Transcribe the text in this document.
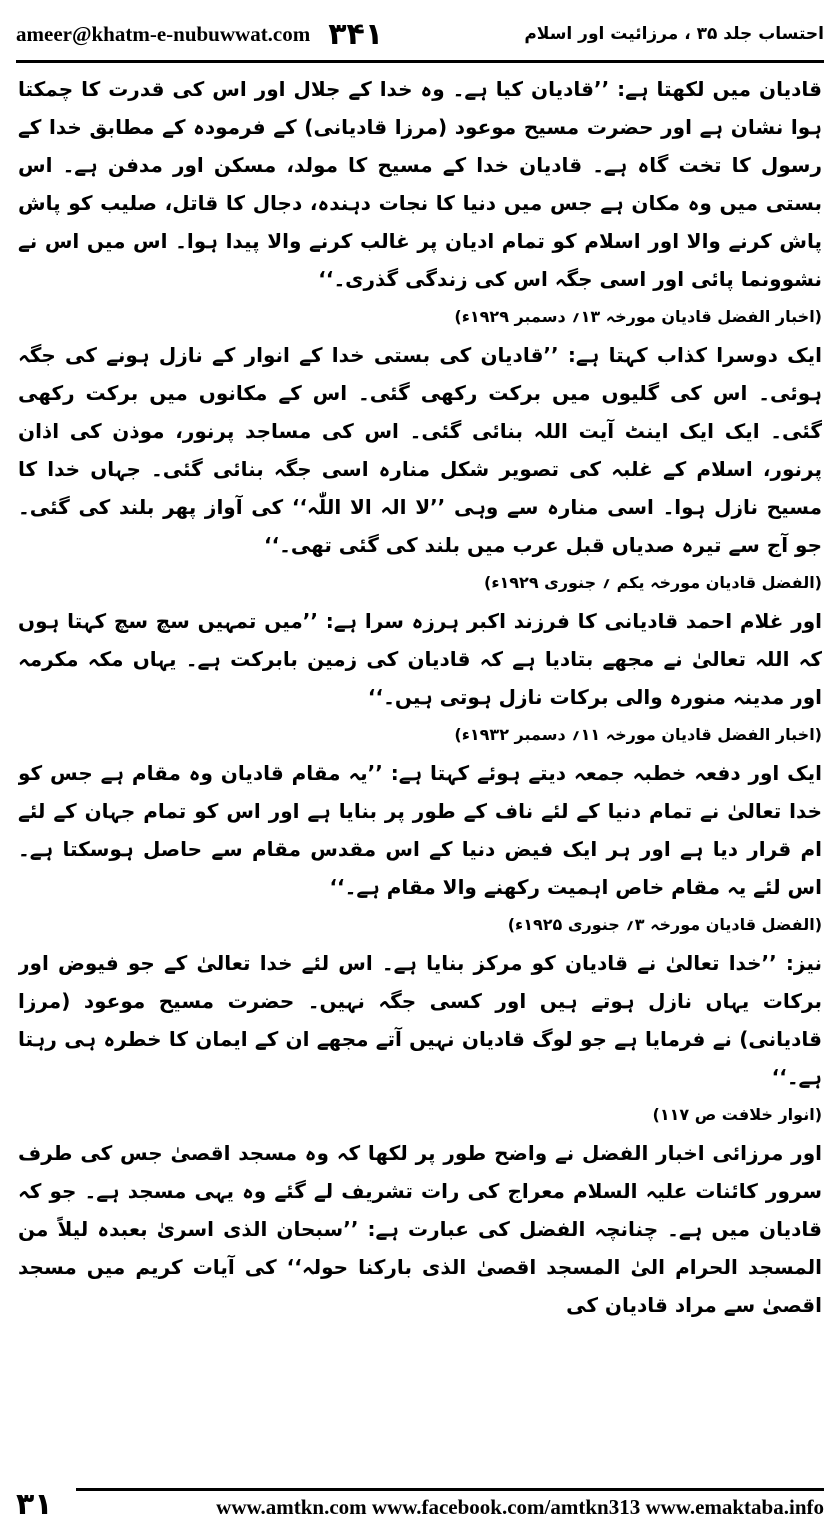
ameer@khatm-e-nubuwwat.com ۳۴۱	احتساب جلد ۳۵ ، مرزائیت اور اسلام

قادیان میں لکھتا ہے: ’’قادیان کیا ہے۔ وہ خدا کے جلال اور اس کی قدرت کا چمکتا ہوا نشان ہے اور حضرت مسیح موعود (مرزا قادیانی) کے فرمودہ کے مطابق خدا کے رسول کا تخت گاہ ہے۔ قادیان خدا کے مسیح کا مولد، مسکن اور مدفن ہے۔ اس بستی میں وہ مکان ہے جس میں دنیا کا نجات دہندہ، دجال کا قاتل، صلیب کو پاش پاش کرنے والا اور اسلام کو تمام ادیان پر غالب کرنے والا پیدا ہوا۔ اس میں اس نے نشوونما پائی اور اسی جگہ اس کی زندگی گذری۔‘‘

(اخبار الفضل قادیان مورخہ ۱۳؍ دسمبر ۱۹۲۹ء)

ایک دوسرا کذاب کہتا ہے: ’’قادیان کی بستی خدا کے انوار کے نازل ہونے کی جگہ ہوئی۔ اس کی گلیوں میں برکت رکھی گئی۔ اس کے مکانوں میں برکت رکھی گئی۔ ایک ایک اینٹ آیت اللہ بنائی گئی۔ اس کی مساجد پرنور، موذن کی اذان پرنور، اسلام کے غلبہ کی تصویر شکل منارہ اسی جگہ بنائی گئی۔ جہاں خدا کا مسیح نازل ہوا۔ اسی منارہ سے وہی ’’لا الہ الا اللّٰہ‘‘ کی آواز پھر بلند کی گئی۔ جو آج سے تیرہ صدیاں قبل عرب میں بلند کی گئی تھی۔‘‘

(الفضل قادیان مورخہ یکم ؍ جنوری ۱۹۲۹ء)

اور غلام احمد قادیانی کا فرزند اکبر ہرزہ سرا ہے: ’’میں تمہیں سچ سچ کہتا ہوں کہ اللہ تعالیٰ نے مجھے بتادیا ہے کہ قادیان کی زمین بابرکت ہے۔ یہاں مکہ مکرمہ اور مدینہ منورہ والی برکات نازل ہوتی ہیں۔‘‘

(اخبار الفضل قادیان مورخہ ۱۱؍ دسمبر ۱۹۳۲ء)

ایک اور دفعہ خطبہ جمعہ دیتے ہوئے کہتا ہے: ’’یہ مقام قادیان وہ مقام ہے جس کو خدا تعالیٰ نے تمام دنیا کے لئے ناف کے طور پر بنایا ہے اور اس کو تمام جہان کے لئے ام قرار دیا ہے اور ہر ایک فیض دنیا کے اس مقدس مقام سے حاصل ہوسکتا ہے۔ اس لئے یہ مقام خاص اہمیت رکھنے والا مقام ہے۔‘‘

(الفضل قادیان مورخہ ۳؍ جنوری ۱۹۲۵ء)

نیز: ’’خدا تعالیٰ نے قادیان کو مرکز بنایا ہے۔ اس لئے خدا تعالیٰ کے جو فیوض اور برکات یہاں نازل ہوتے ہیں اور کسی جگہ نہیں۔ حضرت مسیح موعود (مرزا قادیانی) نے فرمایا ہے جو لوگ قادیان نہیں آتے مجھے ان کے ایمان کا خطرہ ہی رہتا ہے۔‘‘

(انوار خلافت ص ۱۱۷)

اور مرزائی اخبار الفضل نے واضح طور پر لکھا کہ وہ مسجد اقصیٰ جس کی طرف سرور کائنات علیہ السلام معراج کی رات تشریف لے گئے وہ یہی مسجد ہے۔ جو کہ قادیان میں ہے۔ چنانچہ الفضل کی عبارت ہے: ’’سبحان الذی اسریٰ بعبدہ لیلاً من المسجد الحرام الیٰ المسجد اقصیٰ الذی بارکنا حولہ‘‘ کی آیات کریم میں مسجد اقصیٰ سے مراد قادیان کی

۳۱	www.amtkn.com www.facebook.com/amtkn313 www.emaktaba.info
